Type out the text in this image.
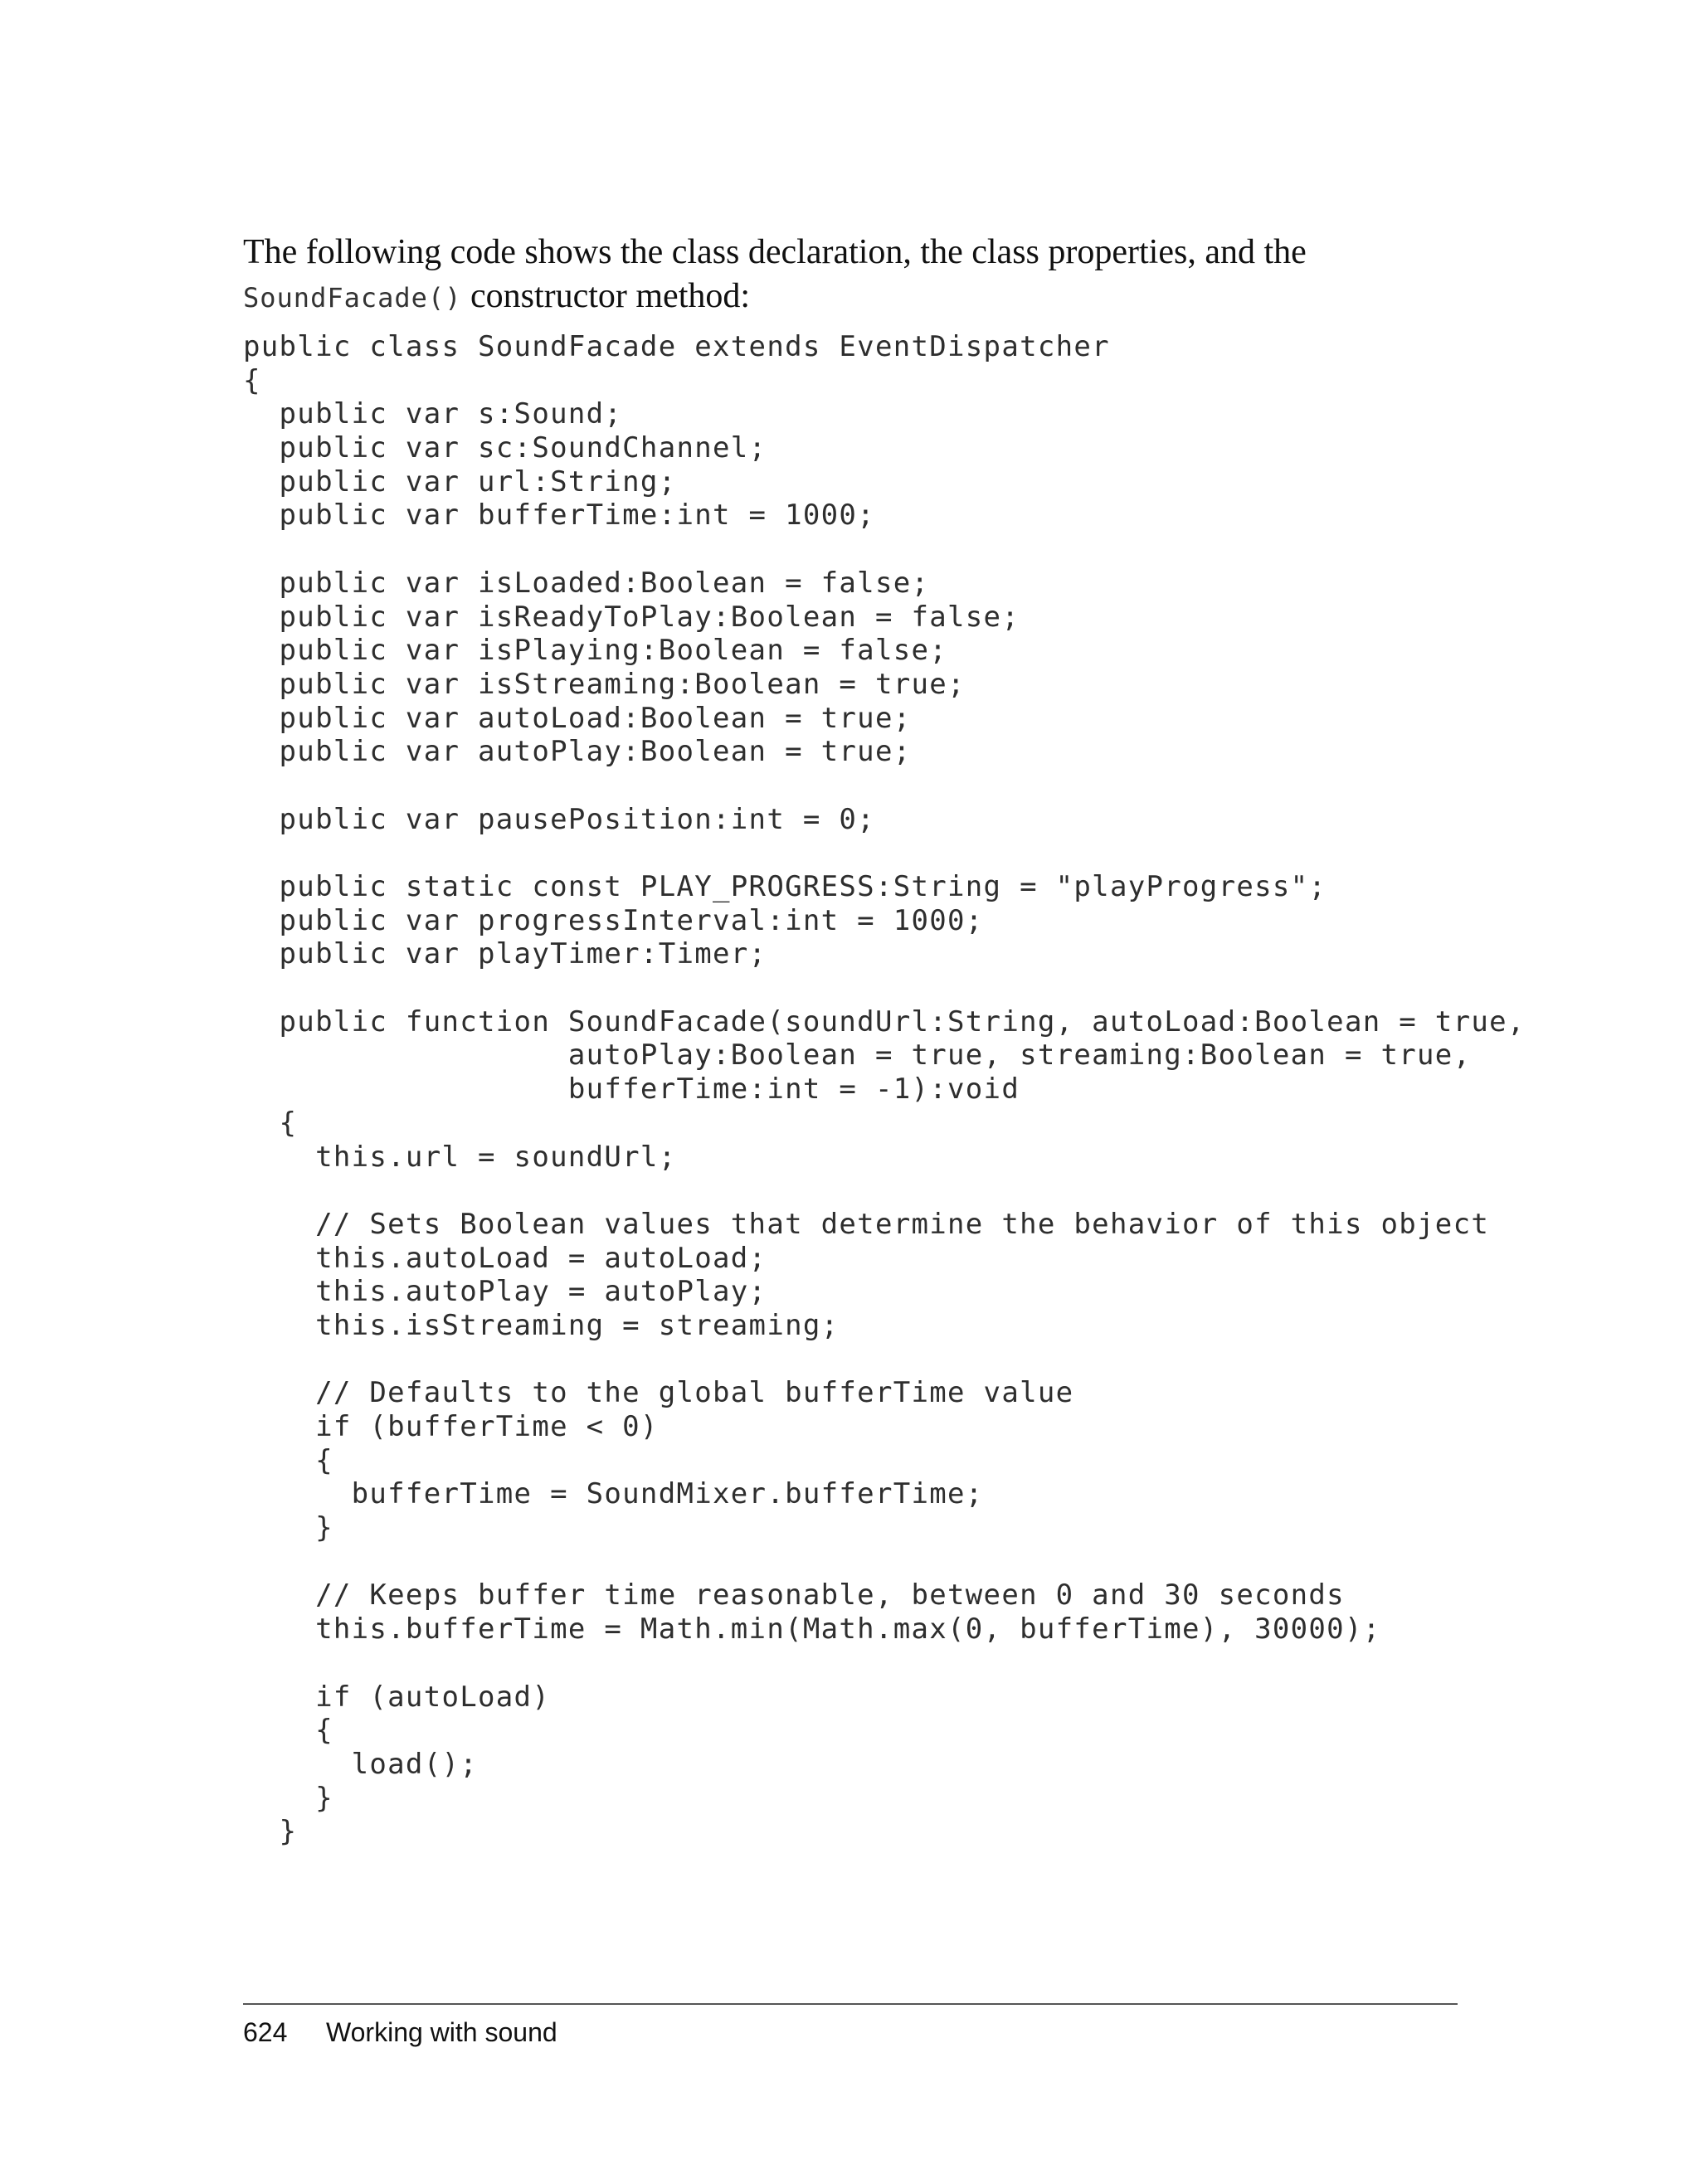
The following code shows the class declaration, the class properties, and the SoundFacade() constructor method:

public class SoundFacade extends EventDispatcher
{
public var s:Sound;
public var sc:SoundChannel;
public var url:String;
public var bufferTime:int = 1000;
public var isLoaded:Boolean = false;
public var isReadyToPlay:Boolean = false;
public var isPlaying:Boolean = false;
public var isStreaming:Boolean = true;
public var autoLoad:Boolean = true;
public var autoPlay:Boolean = true;
public var pausePosition:int = 0;
public static const PLAY_PROGRESS:String = "playProgress";
public var progressInterval:int = 1000;
public var playTimer:Timer;
public function SoundFacade(soundUrl:String, autoLoad:Boolean = true,
autoPlay:Boolean = true, streaming:Boolean = true,
bufferTime:int = -1):void
{
this.url = soundUrl;
// Sets Boolean values that determine the behavior of this object
this.autoLoad = autoLoad;
this.autoPlay = autoPlay;
this.isStreaming = streaming;
// Defaults to the global bufferTime value
if (bufferTime < 0)
{
bufferTime = SoundMixer.bufferTime;
}
// Keeps buffer time reasonable, between 0 and 30 seconds
this.bufferTime = Math.min(Math.max(0, bufferTime), 30000);
if (autoLoad)
{
load();
}
}
624 Working with sound
